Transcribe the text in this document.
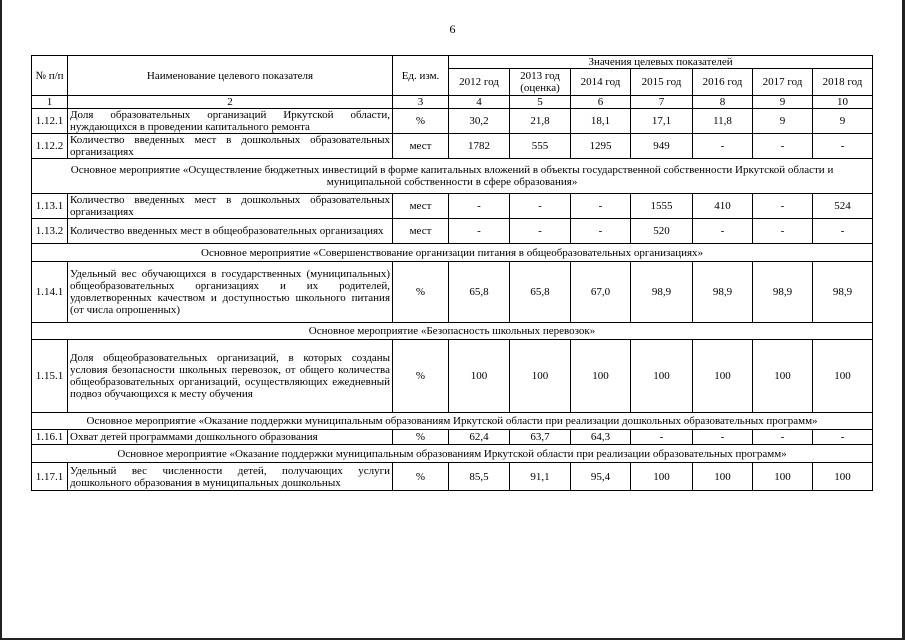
6
№ п/п	Наименование целевого показателя	Ед. изм.	Значения целевых показателей						
			2012 год	2013 год (оценка)	2014 год	2015 год	2016 год	2017 год	2018 год
1	2	3	4	5	6	7	8	9	10
1.12.1	Доля образовательных организаций Иркутской области, нуждающихся в проведении капитального ремонта	%	30,2	21,8	18,1	17,1	11,8	9	9
1.12.2	Количество введенных мест в дошкольных образовательных организациях	мест	1782	555	1295	949	-	-	-
Основное мероприятие «Осуществление бюджетных инвестиций в форме капитальных вложений в объекты государственной собственности Иркутской области и муниципальной собственности в сфере образования»									
1.13.1	Количество введенных мест в дошкольных образовательных организациях	мест	-	-	-	1555	410	-	524
1.13.2	Количество введенных мест в общеобразовательных организациях	мест	-	-	-	520	-	-	-
Основное мероприятие «Совершенствование организации питания в общеобразовательных организациях»									
1.14.1	Удельный вес обучающихся в государственных (муниципальных) общеобразовательных организациях и их родителей, удовлетворенных качеством и доступностью школьного питания (от числа опрошенных)	%	65,8	65,8	67,0	98,9	98,9	98,9	98,9
Основное мероприятие «Безопасность школьных перевозок»									
1.15.1	Доля общеобразовательных организаций, в которых созданы условия безопасности школьных перевозок, от общего количества общеобразовательных организаций, осуществляющих ежедневный подвоз обучающихся к месту обучения	%	100	100	100	100	100	100	100
Основное мероприятие «Оказание поддержки муниципальным образованиям Иркутской области при реализации дошкольных образовательных программ»									
1.16.1	Охват детей программами дошкольного образования	%	62,4	63,7	64,3	-	-	-	-
Основное мероприятие «Оказание поддержки муниципальным образованиям Иркутской области при реализации образовательных программ»									
1.17.1	Удельный вес численности детей, получающих услуги дошкольного образования в муниципальных дошкольных	%	85,5	91,1	95,4	100	100	100	100
